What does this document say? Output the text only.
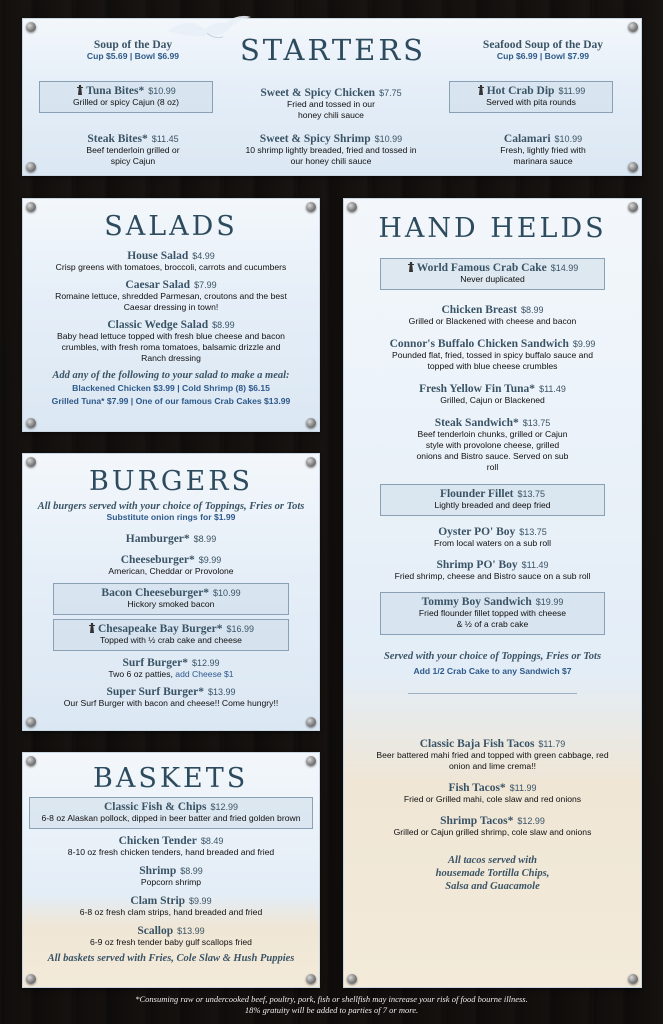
STARTERS
Soup of the Day
Cup $5.69 | Bowl $6.99
Seafood Soup of the Day
Cup $6.99 | Bowl $7.99
Tuna Bites* $10.99
Grilled or spicy Cajun (8 oz)
Sweet & Spicy Chicken $7.75
Fried and tossed in our honey chili sauce
Hot Crab Dip $11.99
Served with pita rounds
Steak Bites* $11.45
Beef tenderloin grilled or spicy Cajun
Sweet & Spicy Shrimp $10.99
10 shrimp lightly breaded, fried and tossed in our honey chili sauce
Calamari $10.99
Fresh, lightly fried with marinara sauce
SALADS
House Salad $4.99
Crisp greens with tomatoes, broccoli, carrots and cucumbers
Caesar Salad $7.99
Romaine lettuce, shredded Parmesan, croutons and the best Caesar dressing in town!
Classic Wedge Salad $8.99
Baby head lettuce topped with fresh blue cheese and bacon crumbles, with fresh roma tomatoes, balsamic drizzle and Ranch dressing
Add any of the following to your salad to make a meal:
Blackened Chicken $3.99 | Cold Shrimp (8) $6.15
Grilled Tuna* $7.99 | One of our famous Crab Cakes $13.99
BURGERS
All burgers served with your choice of Toppings, Fries or Tots
Substitute onion rings for $1.99
Hamburger* $8.99
Cheeseburger* $9.99
American, Cheddar or Provolone
Bacon Cheeseburger* $10.99
Hickory smoked bacon
Chesapeake Bay Burger* $16.99
Topped with ½ crab cake and cheese
Surf Burger* $12.99
Two 6 oz patties, add Cheese $1
Super Surf Burger* $13.99
Our Surf Burger with bacon and cheese!! Come hungry!!
BASKETS
Classic Fish & Chips $12.99
6-8 oz Alaskan pollock, dipped in beer batter and fried golden brown
Chicken Tender $8.49
8-10 oz fresh chicken tenders, hand breaded and fried
Shrimp $8.99
Popcorn shrimp
Clam Strip $9.99
6-8 oz fresh clam strips, hand breaded and fried
Scallop $13.99
6-9 oz fresh tender baby gulf scallops fried
All baskets served with Fries, Cole Slaw & Hush Puppies
HAND HELDS
World Famous Crab Cake $14.99
Never duplicated
Chicken Breast $8.99
Grilled or Blackened with cheese and bacon
Connor's Buffalo Chicken Sandwich $9.99
Pounded flat, fried, tossed in spicy buffalo sauce and topped with blue cheese crumbles
Fresh Yellow Fin Tuna* $11.49
Grilled, Cajun or Blackened
Steak Sandwich* $13.75
Beef tenderloin chunks, grilled or Cajun style with provolone cheese, grilled onions and Bistro sauce. Served on sub roll
Flounder Fillet $13.75
Lightly breaded and deep fried
Oyster PO' Boy $13.75
From local waters on a sub roll
Shrimp PO' Boy $11.49
Fried shrimp, cheese and Bistro sauce on a sub roll
Tommy Boy Sandwich $19.99
Fried flounder fillet topped with cheese & ½ of a crab cake
Served with your choice of Toppings, Fries or Tots
Add 1/2 Crab Cake to any Sandwich $7
Classic Baja Fish Tacos $11.79
Beer battered mahi fried and topped with green cabbage, red onion and lime crema!!
Fish Tacos* $11.99
Fried or Grilled mahi, cole slaw and red onions
Shrimp Tacos* $12.99
Grilled or Cajun grilled shrimp, cole slaw and onions
All tacos served with housemade Tortilla Chips, Salsa and Guacamole
*Consuming raw or undercooked beef, poultry, pork, fish or shellfish may increase your risk of food bourne illness.
18% gratuity will be added to parties of 7 or more.
